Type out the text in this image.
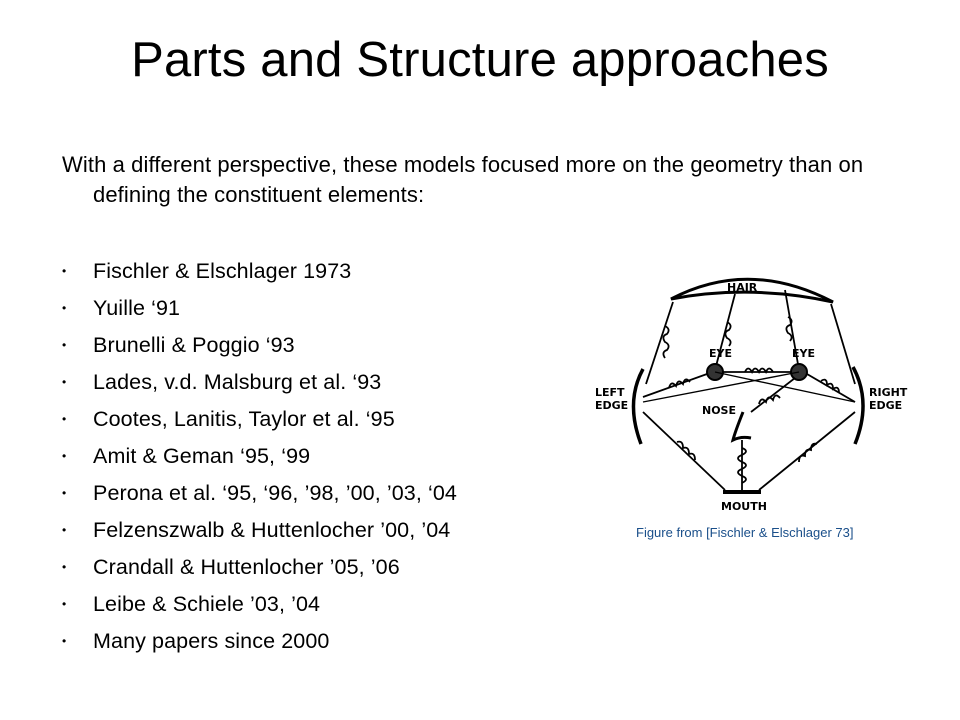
Parts and Structure approaches

With a different perspective, these models focused more on the geometry than on defining the constituent elements:

• Fischler & Elschlager 1973
• Yuille ‘91
• Brunelli & Poggio ‘93
• Lades, v.d. Malsburg et al. ‘93
• Cootes, Lanitis, Taylor et al. ‘95
• Amit & Geman ‘95, ‘99
• Perona et al. ‘95, ‘96, ’98, ’00, ’03, ‘04
• Felzenszwalb & Huttenlocher ’00, ’04
• Crandall & Huttenlocher ’05, ’06
• Leibe & Schiele ’03, ’04
• Many papers since 2000
HAIR
EYE	EYE
LEFT
EDGE
RIGHT
EDGE
NOSE
MOUTH
Figure from [Fischler & Elschlager 73]
